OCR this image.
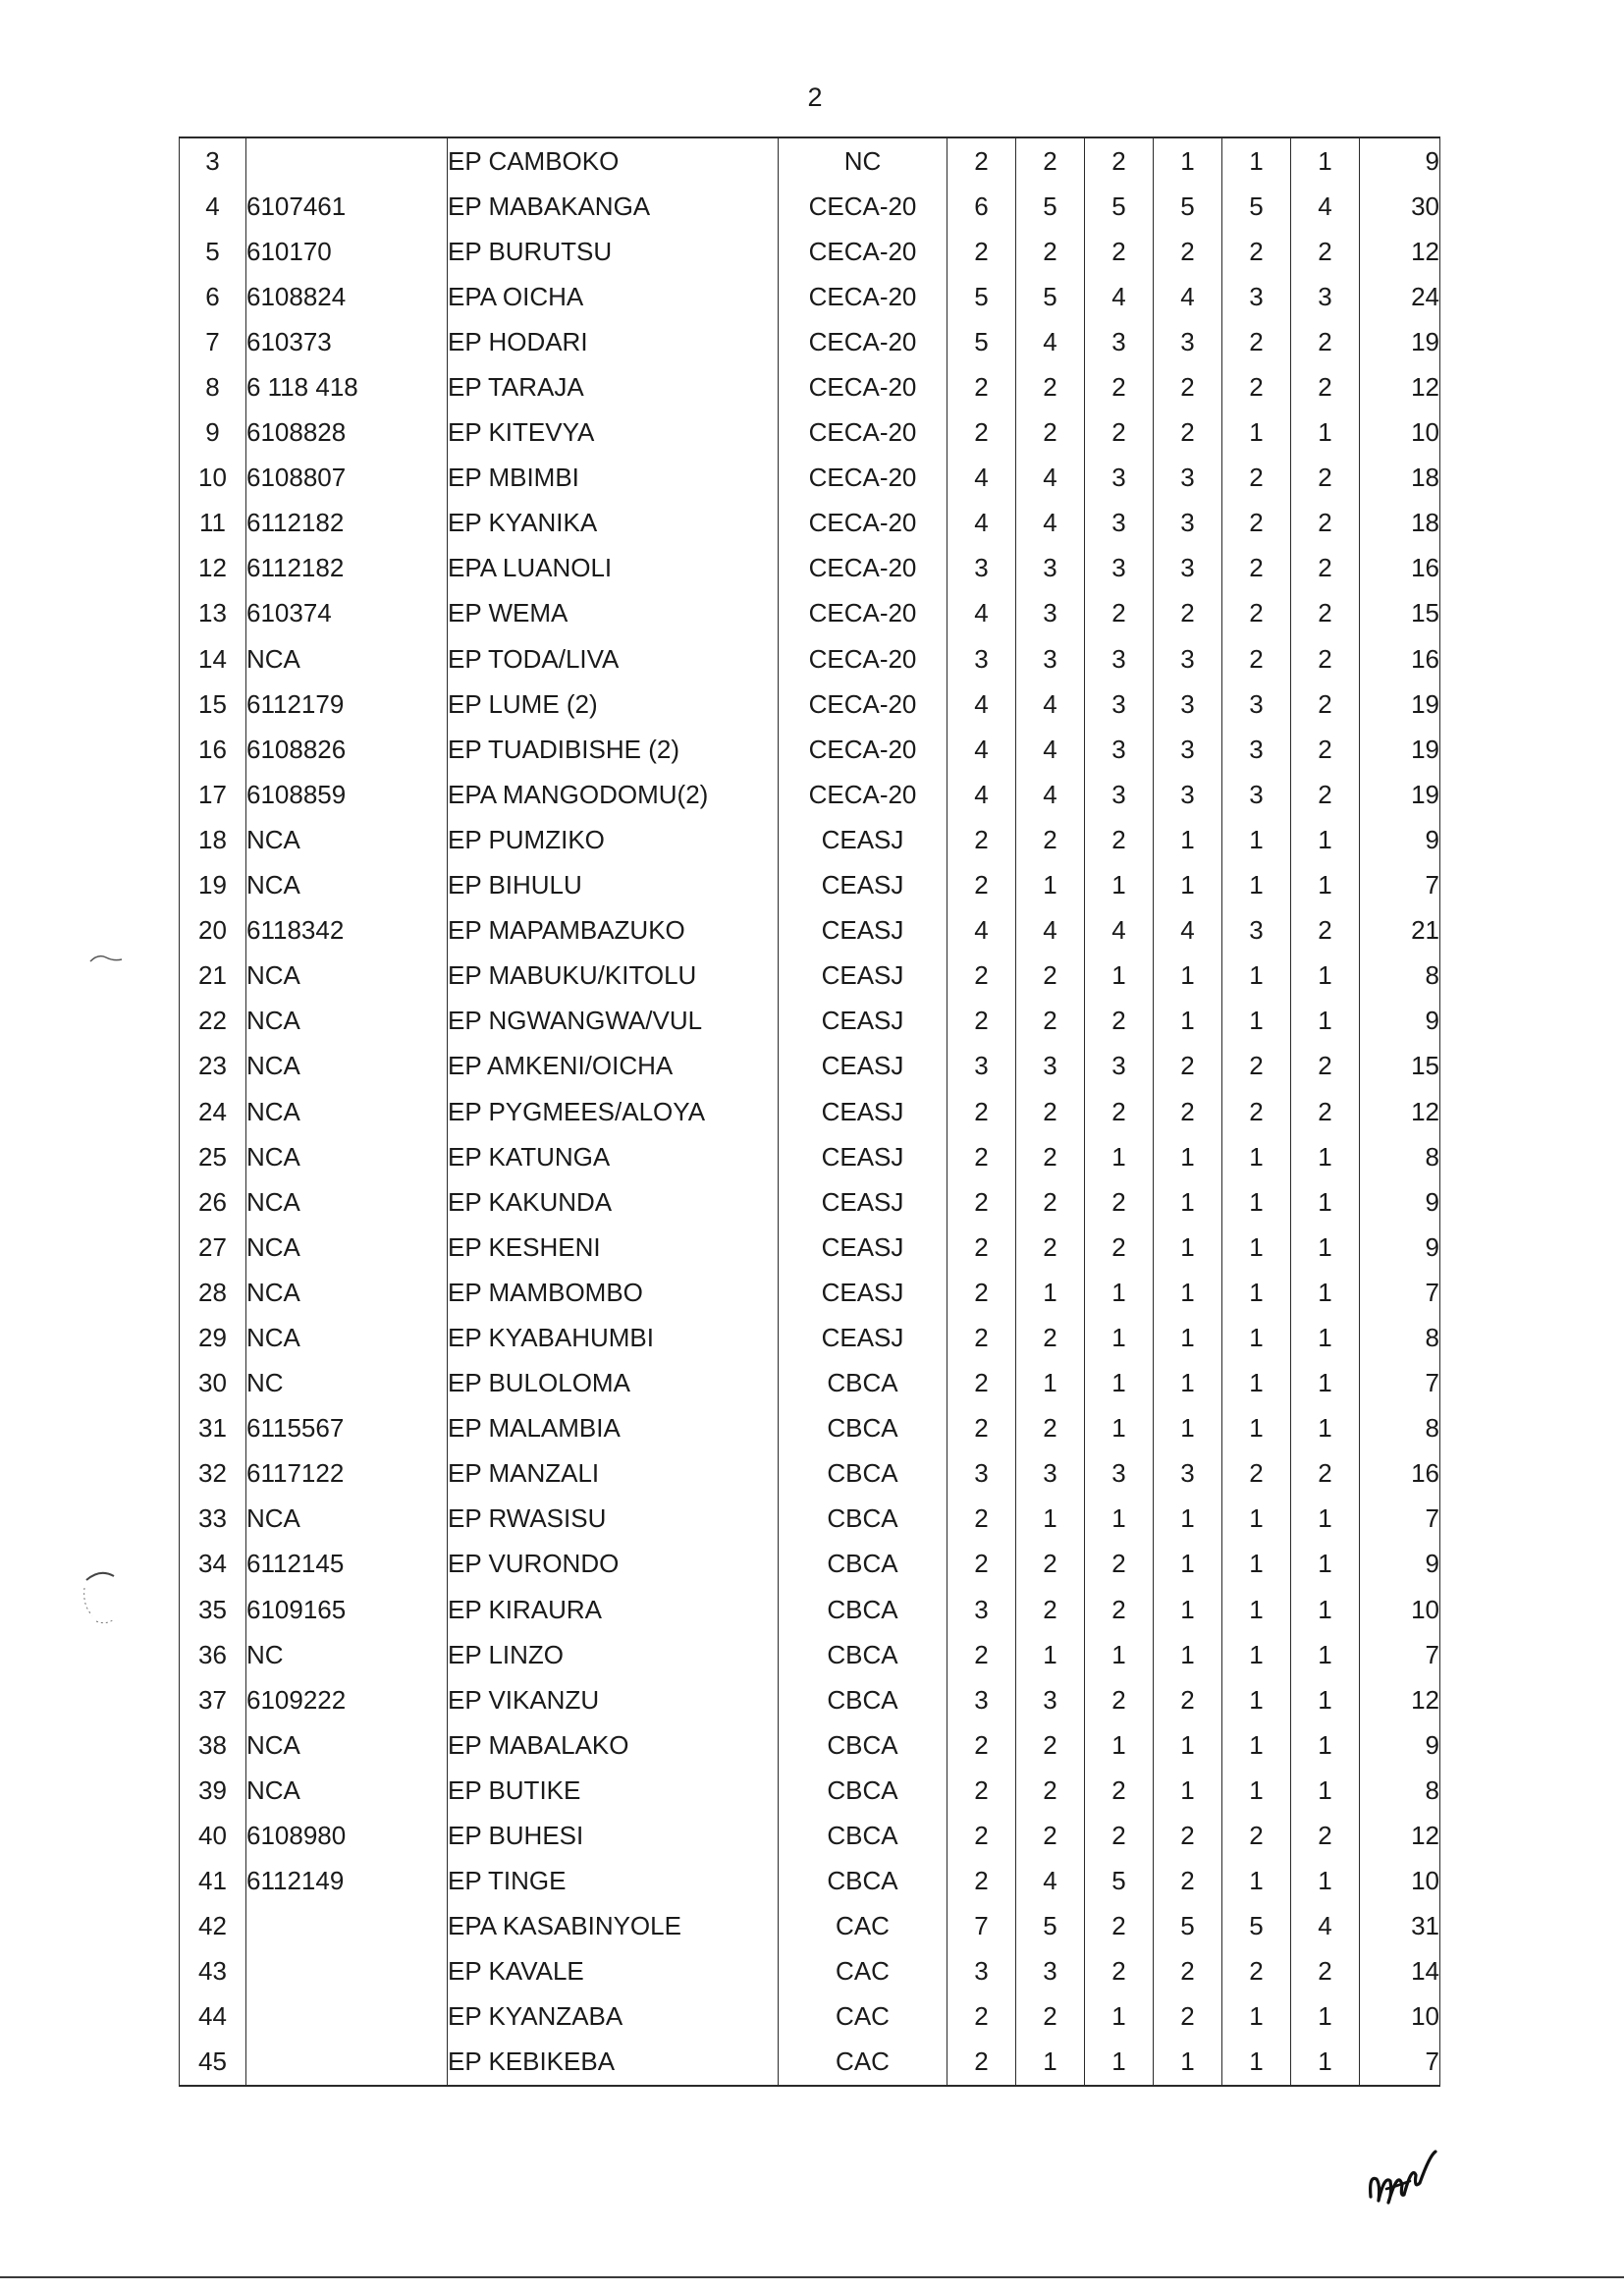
2
3		EP CAMBOKO	NC	2	2	2	1	1	1	9
4	6107461	EP MABAKANGA	CECA-20	6	5	5	5	5	4	30
5	610170	EP BURUTSU	CECA-20	2	2	2	2	2	2	12
6	6108824	EPA OICHA	CECA-20	5	5	4	4	3	3	24
7	610373	EP HODARI	CECA-20	5	4	3	3	2	2	19
8	6 118 418	EP TARAJA	CECA-20	2	2	2	2	2	2	12
9	6108828	EP KITEVYA	CECA-20	2	2	2	2	1	1	10
10	6108807	EP MBIMBI	CECA-20	4	4	3	3	2	2	18
11	6112182	EP KYANIKA	CECA-20	4	4	3	3	2	2	18
12	6112182	EPA LUANOLI	CECA-20	3	3	3	3	2	2	16
13	610374	EP WEMA	CECA-20	4	3	2	2	2	2	15
14	NCA	EP TODA/LIVA	CECA-20	3	3	3	3	2	2	16
15	6112179	EP LUME (2)	CECA-20	4	4	3	3	3	2	19
16	6108826	EP TUADIBISHE (2)	CECA-20	4	4	3	3	3	2	19
17	6108859	EPA MANGODOMU(2)	CECA-20	4	4	3	3	3	2	19
18	NCA	EP PUMZIKO	CEASJ	2	2	2	1	1	1	9
19	NCA	EP BIHULU	CEASJ	2	1	1	1	1	1	7
20	6118342	EP MAPAMBAZUKO	CEASJ	4	4	4	4	3	2	21
21	NCA	EP MABUKU/KITOLU	CEASJ	2	2	1	1	1	1	8
22	NCA	EP NGWANGWA/VUL	CEASJ	2	2	2	1	1	1	9
23	NCA	EP AMKENI/OICHA	CEASJ	3	3	3	2	2	2	15
24	NCA	EP PYGMEES/ALOYA	CEASJ	2	2	2	2	2	2	12
25	NCA	EP KATUNGA	CEASJ	2	2	1	1	1	1	8
26	NCA	EP KAKUNDA	CEASJ	2	2	2	1	1	1	9
27	NCA	EP KESHENI	CEASJ	2	2	2	1	1	1	9
28	NCA	EP MAMBOMBO	CEASJ	2	1	1	1	1	1	7
29	NCA	EP KYABAHUMBI	CEASJ	2	2	1	1	1	1	8
30	NC	EP BULOLOMA	CBCA	2	1	1	1	1	1	7
31	6115567	EP MALAMBIA	CBCA	2	2	1	1	1	1	8
32	6117122	EP MANZALI	CBCA	3	3	3	3	2	2	16
33	NCA	EP RWASISU	CBCA	2	1	1	1	1	1	7
34	6112145	EP VURONDO	CBCA	2	2	2	1	1	1	9
35	6109165	EP KIRAURA	CBCA	3	2	2	1	1	1	10
36	NC	EP LINZO	CBCA	2	1	1	1	1	1	7
37	6109222	EP VIKANZU	CBCA	3	3	2	2	1	1	12
38	NCA	EP MABALAKO	CBCA	2	2	1	1	1	1	9
39	NCA	EP BUTIKE	CBCA	2	2	2	1	1	1	8
40	6108980	EP BUHESI	CBCA	2	2	2	2	2	2	12
41	6112149	EP TINGE	CBCA	2	4	5	2	1	1	10
42		EPA KASABINYOLE	CAC	7	5	2	5	5	4	31
43		EP KAVALE	CAC	3	3	2	2	2	2	14
44		EP KYANZABA	CAC	2	2	1	2	1	1	10
45		EP KEBIKEBA	CAC	2	1	1	1	1	1	7
